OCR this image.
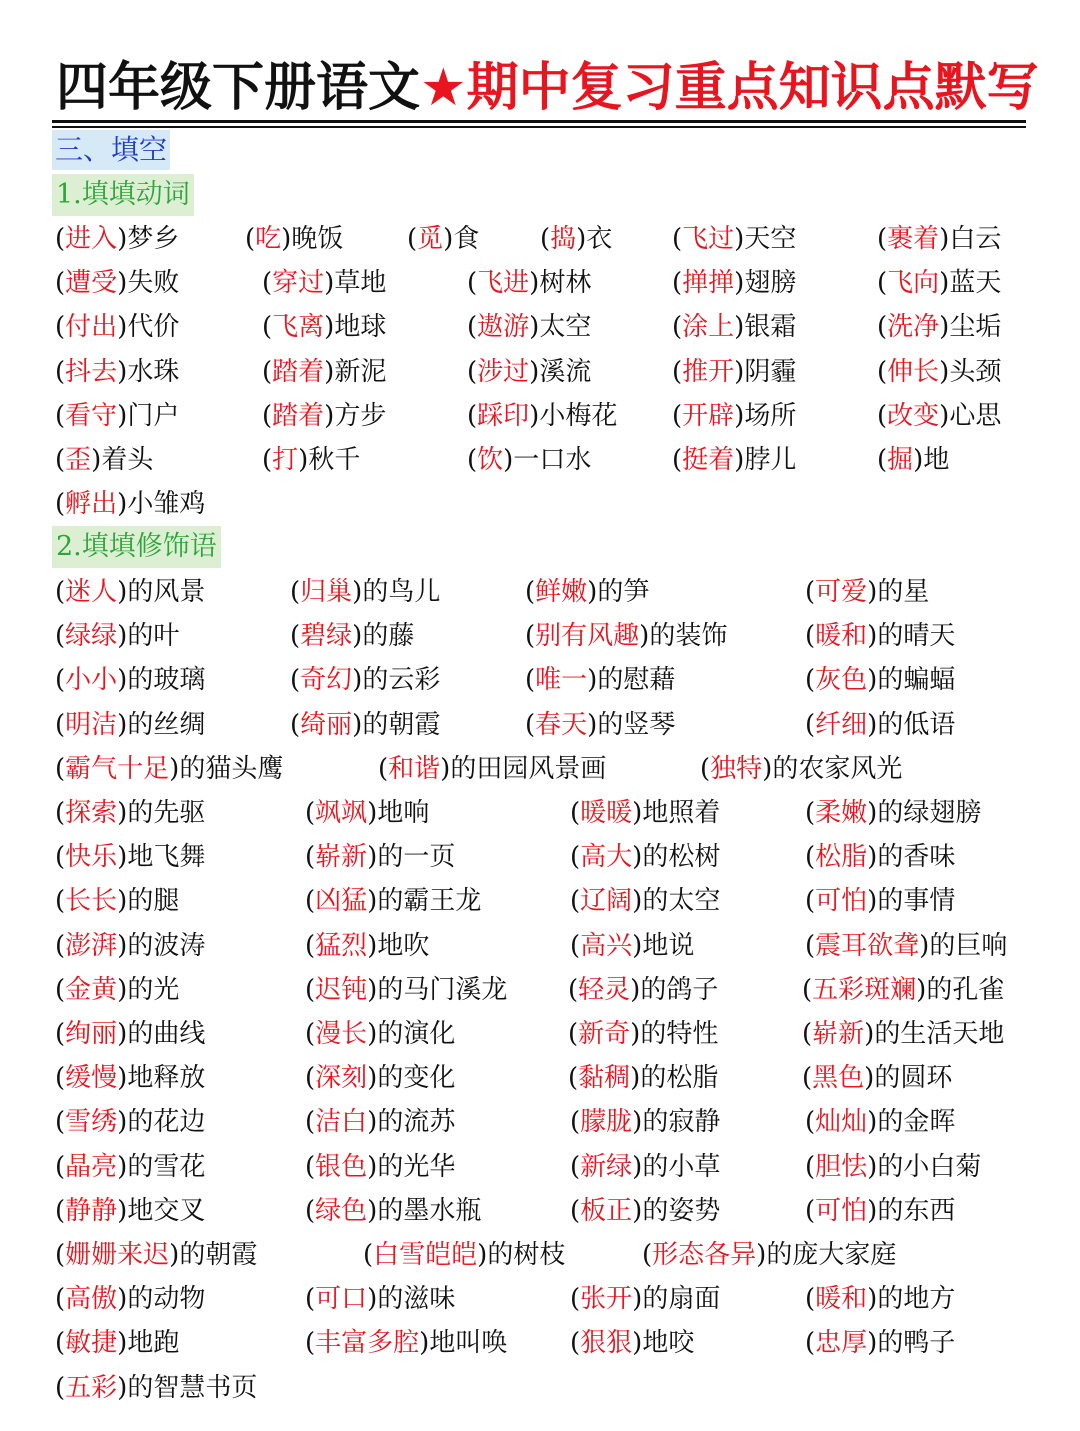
四年级下册语文★期中复习重点知识点默写
三、填空
1.填填动词
2.填填修饰语
(进入)梦乡	(吃)晚饭 (觅)食 (捣)衣 (飞过)天空	(裹着)白云
(遭受)失败	(穿过)草地	(飞进)树林	(掸掸)翅膀	(飞向)蓝天
(付出)代价	(飞离)地球	(遨游)太空	(涂上)银霜	(洗净)尘垢
(抖去)水珠	(踏着)新泥	(涉过)溪流	(推开)阴霾	(伸长)头颈
(看守)门户	(踏着)方步	(踩印)小梅花 (开辟)场所	(改变)心思
(歪)着头	(打)秋千	(饮)一口水	(挺着)脖儿	(掘)地
(孵出)小雏鸡
(迷人)的风景	(归巢)的鸟儿	(鲜嫩)的笋	(可爱)的星
(绿绿)的叶	(碧绿)的藤	(别有风趣)的装饰	(暖和)的晴天
(小小)的玻璃	(奇幻)的云彩	(唯一)的慰藉	(灰色)的蝙蝠
(明洁)的丝绸	(绮丽)的朝霞	(春天)的竖琴	(纤细)的低语
(霸气十足)的猫头鹰	(和谐)的田园风景画	(独特)的农家风光
(探索)的先驱	(飒飒)地响	(暖暖)地照着	(柔嫩)的绿翅膀
(快乐)地飞舞	(崭新)的一页	(高大)的松树	(松脂)的香味
(长长)的腿	(凶猛)的霸王龙	(辽阔)的太空	(可怕)的事情
(澎湃)的波涛	(猛烈)地吹	(高兴)地说	(震耳欲聋)的巨响
(金黄)的光	(迟钝)的马门溪龙 (轻灵)的鸽子	(五彩斑斓)的孔雀
(绚丽)的曲线	(漫长)的演化	(新奇)的特性	(崭新)的生活天地
(缓慢)地释放	(深刻)的变化	(黏稠)的松脂	(黑色)的圆环
(雪绣)的花边	(洁白)的流苏	(朦胧)的寂静	(灿灿)的金晖
(晶亮)的雪花	(银色)的光华	(新绿)的小草	(胆怯)的小白菊
(静静)地交叉	(绿色)的墨水瓶	(板正)的姿势	(可怕)的东西
(姗姗来迟)的朝霞	(白雪皑皑)的树枝	(形态各异)的庞大家庭
(高傲)的动物	(可口)的滋味	(张开)的扇面	(暖和)的地方
(敏捷)地跑	(丰富多腔)地叫唤 (狠狠)地咬	(忠厚)的鸭子
(五彩)的智慧书页
